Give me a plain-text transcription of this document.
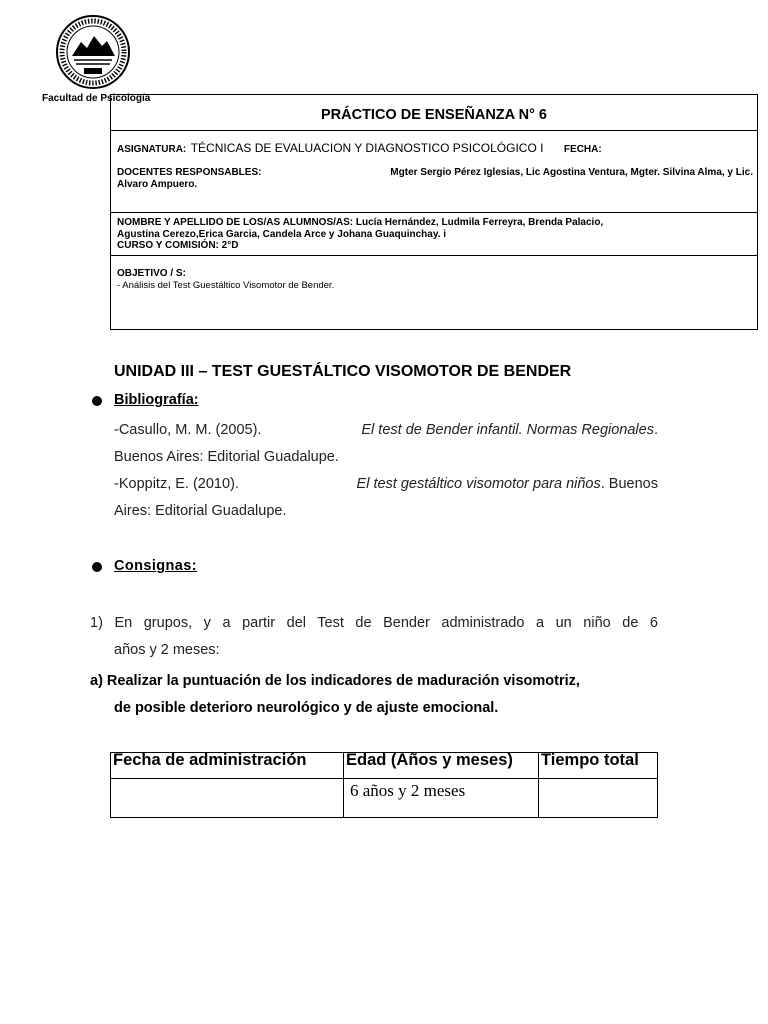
Facultad de Psicología
PRÁCTICO DE ENSEÑANZA N° 6
ASIGNATURA: TÉCNICAS DE EVALUACION Y DIAGNOSTICO PSICOLÓGICO I FECHA:
DOCENTES RESPONSABLES:	Mgter Sergio Pérez Iglesias, Lic Agostina Ventura, Mgter. Silvina Alma, y Lic.
Alvaro Ampuero.
NOMBRE Y APELLIDO DE LOS/AS ALUMNOS/AS: Lucía Hernández, Ludmila Ferreyra, Brenda Palacio,
Agustina Cerezo,Erica Garcia, Candela Arce y Johana Guaquinchay. i
CURSO Y COMISIÓN: 2°D
OBJETIVO / S:
- Análisis del Test Guestáltico Visomotor de Bender.
UNIDAD III – TEST GUESTÁLTICO VISOMOTOR DE BENDER
Bibliografía:
-Casullo, M. M. (2005).	El test de Bender infantil. Normas Regionales.
Buenos Aires: Editorial Guadalupe.
-Koppitz, E. (2010).	El test gestáltico visomotor para niños. Buenos
Aires: Editorial Guadalupe.
Consignas:
1) En grupos, y a partir del Test de Bender administrado a un niño de 6
años y 2 meses:
a) Realizar la puntuación de los indicadores de maduración visomotriz,
de posible deterioro neurológico y de ajuste emocional.
Fecha de administración	Edad (Años y meses)	Tiempo total

	6 años y 2 meses	
